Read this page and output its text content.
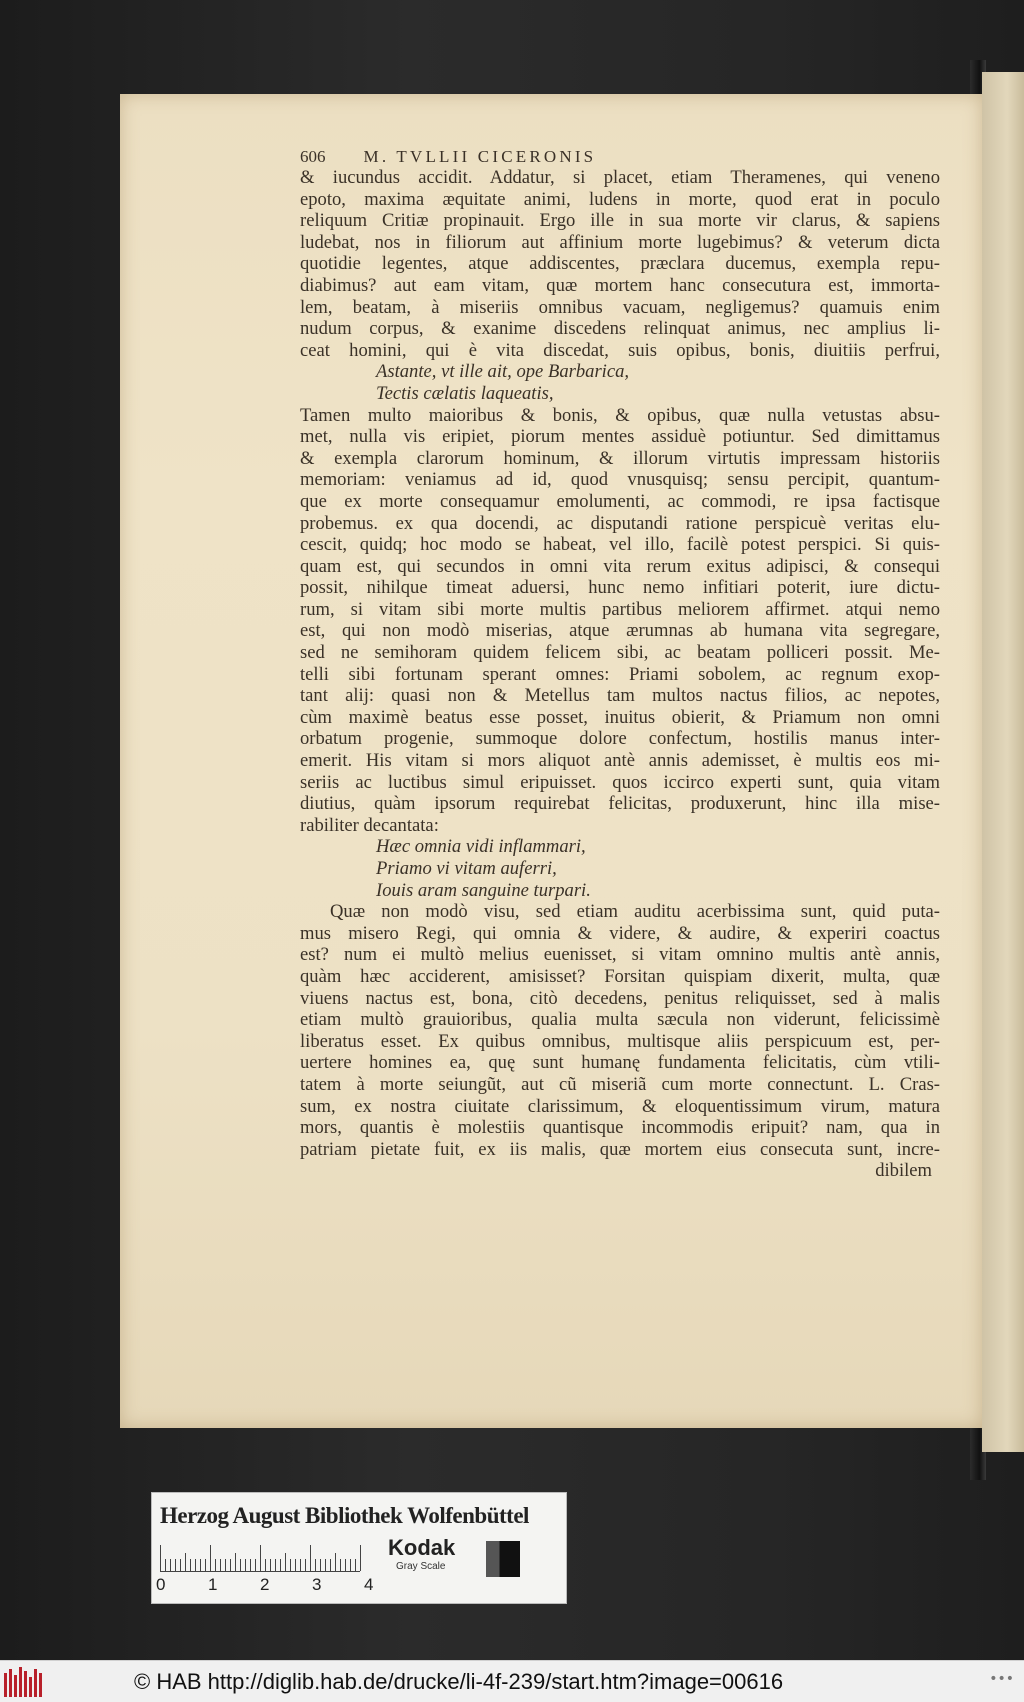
606	M. TVLLII CICERONIS
& iucundus accidit. Addatur, si placet, etiam Theramenes, qui veneno
epoto, maxima æquitate animi, ludens in morte, quod erat in poculo
reliquum Critiæ propinauit. Ergo ille in sua morte vir clarus, & sapiens
ludebat, nos in filiorum aut affinium morte lugebimus? & veterum dicta
quotidie legentes, atque addiscentes, præclara ducemus, exempla repu-
diabimus? aut eam vitam, quæ mortem hanc consecutura est, immorta-
lem, beatam, à miseriis omnibus vacuam, negligemus? quamuis enim
nudum corpus, & exanime discedens relinquat animus, nec amplius li-
ceat homini, qui è vita discedat, suis opibus, bonis, diuitiis perfrui,
Astante, vt ille ait, ope Barbarica,
Tectis cælatis laqueatis,
Tamen multo maioribus & bonis, & opibus, quæ nulla vetustas absu-
met, nulla vis eripiet, piorum mentes assiduè potiuntur. Sed dimittamus
& exempla clarorum hominum, & illorum virtutis impressam historiis
memoriam: veniamus ad id, quod vnusquisq; sensu percipit, quantum-
que ex morte consequamur emolumenti, ac commodi, re ipsa factisque
probemus. ex qua docendi, ac disputandi ratione perspicuè veritas elu-
cescit, quidq; hoc modo se habeat, vel illo, facilè potest perspici. Si quis-
quam est, qui secundos in omni vita rerum exitus adipisci, & consequi
possit, nihilque timeat aduersi, hunc nemo infitiari poterit, iure dictu-
rum, si vitam sibi morte multis partibus meliorem affirmet. atqui nemo
est, qui non modò miserias, atque ærumnas ab humana vita segregare,
sed ne semihoram quidem felicem sibi, ac beatam polliceri possit. Me-
telli sibi fortunam sperant omnes: Priami sobolem, ac regnum exop-
tant alij: quasi non & Metellus tam multos nactus filios, ac nepotes,
cùm maximè beatus esse posset, inuitus obierit, & Priamum non omni
orbatum progenie, summoque dolore confectum, hostilis manus inter-
emerit. His vitam si mors aliquot antè annis ademisset, è multis eos mi-
seriis ac luctibus simul eripuisset. quos iccirco experti sunt, quia vitam
diutius, quàm ipsorum requirebat felicitas, produxerunt, hinc illa mise-
rabiliter decantata:
Hæc omnia vidi inflammari,
Priamo vi vitam auferri,
Iouis aram sanguine turpari.
Quæ non modò visu, sed etiam auditu acerbissima sunt, quid puta-
mus misero Regi, qui omnia & videre, & audire, & experiri coactus
est? num ei multò melius euenisset, si vitam omnino multis antè annis,
quàm hæc acciderent, amisisset? Forsitan quispiam dixerit, multa, quæ
viuens nactus est, bona, citò decedens, penitus reliquisset, sed à malis
etiam multò grauioribus, qualia multa sæcula non viderunt, felicissimè
liberatus esset. Ex quibus omnibus, multisque aliis perspicuum est, per-
uertere homines ea, quę sunt humanę fundamenta felicitatis, cùm vtili-
tatem à morte seiungũt, aut cũ miseriã cum morte connectunt. L. Cras-
sum, ex nostra ciuitate clarissimum, & eloquentissimum virum, matura
mors, quantis è molestiis quantisque incommodis eripuit? nam, qua in
patriam pietate fuit, ex iis malis, quæ mortem eius consecuta sunt, incre-
dibilem
Herzog August Bibliothek Wolfenbüttel
0	1	2	3	4
Kodak
Gray Scale
© HAB http://diglib.hab.de/drucke/li-4f-239/start.htm?image=00616	•••
